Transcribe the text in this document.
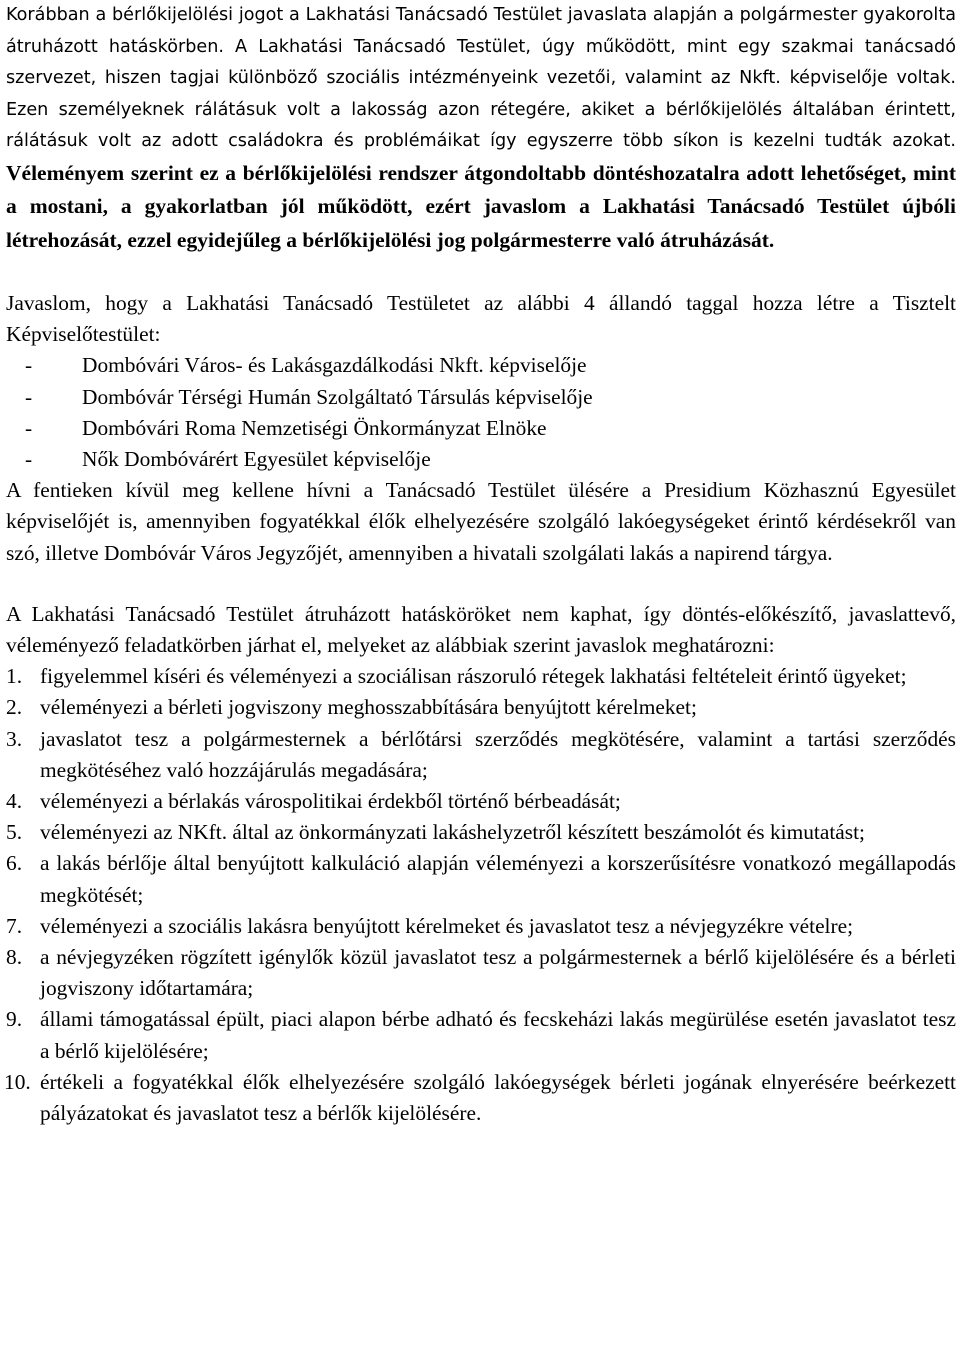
Korábban a bérlőkijelölési jogot a Lakhatási Tanácsadó Testület javaslata alapján a polgármester gyakorolta átruházott hatáskörben. A Lakhatási Tanácsadó Testület, úgy működött, mint egy szakmai tanácsadó szervezet, hiszen tagjai különböző szociális intézményeink vezetői, valamint az Nkft. képviselője voltak. Ezen személyeknek rálátásuk volt a lakosság azon rétegére, akiket a bérlőkijelölés általában érintett, rálátásuk volt az adott családokra és problémáikat így egyszerre több síkon is kezelni tudták azokat. Véleményem szerint ez a bérlőkijelölési rendszer átgondoltabb döntéshozatalra adott lehetőséget, mint a mostani, a gyakorlatban jól működött, ezért javaslom a Lakhatási Tanácsadó Testület újbóli létrehozását, ezzel egyidejűleg a bérlőkijelölési jog polgármesterre való átruházását.

Javaslom, hogy a Lakhatási Tanácsadó Testületet az alábbi 4 állandó taggal hozza létre a Tisztelt Képviselőtestület:

- Dombóvári Város- és Lakásgazdálkodási Nkft. képviselője
- Dombóvár Térségi Humán Szolgáltató Társulás képviselője
- Dombóvári Roma Nemzetiségi Önkormányzat Elnöke
- Nők Dombóvárért Egyesület képviselője

A fentieken kívül meg kellene hívni a Tanácsadó Testület ülésére a Presidium Közhasznú Egyesület képviselőjét is, amennyiben fogyatékkal élők elhelyezésére szolgáló lakóegységeket érintő kérdésekről van szó, illetve Dombóvár Város Jegyzőjét, amennyiben a hivatali szolgálati lakás a napirend tárgya.

A Lakhatási Tanácsadó Testület átruházott hatásköröket nem kaphat, így döntés-előkészítő, javaslattevő, véleményező feladatkörben járhat el, melyeket az alábbiak szerint javaslok meghatározni:

1. figyelemmel kíséri és véleményezi a szociálisan rászoruló rétegek lakhatási feltételeit érintő ügyeket;
2. véleményezi a bérleti jogviszony meghosszabbítására benyújtott kérelmeket;
3. javaslatot tesz a polgármesternek a bérlőtársi szerződés megkötésére, valamint a tartási szerződés megkötéséhez való hozzájárulás megadására;
4. véleményezi a bérlakás várospolitikai érdekből történő bérbeadását;
5. véleményezi az NKft. által az önkormányzati lakáshelyzetről készített beszámolót és kimutatást;
6. a lakás bérlője által benyújtott kalkuláció alapján véleményezi a korszerűsítésre vonatkozó megállapodás megkötését;
7. véleményezi a szociális lakásra benyújtott kérelmeket és javaslatot tesz a névjegyzékre vételre;
8. a névjegyzéken rögzített igénylők közül javaslatot tesz a polgármesternek a bérlő kijelölésére és a bérleti jogviszony időtartamára;
9. állami támogatással épült, piaci alapon bérbe adható és fecskeházi lakás megürülése esetén javaslatot tesz a bérlő kijelölésére;
10. értékeli a fogyatékkal élők elhelyezésére szolgáló lakóegységek bérleti jogának elnyerésére beérkezett pályázatokat és javaslatot tesz a bérlők kijelölésére.
